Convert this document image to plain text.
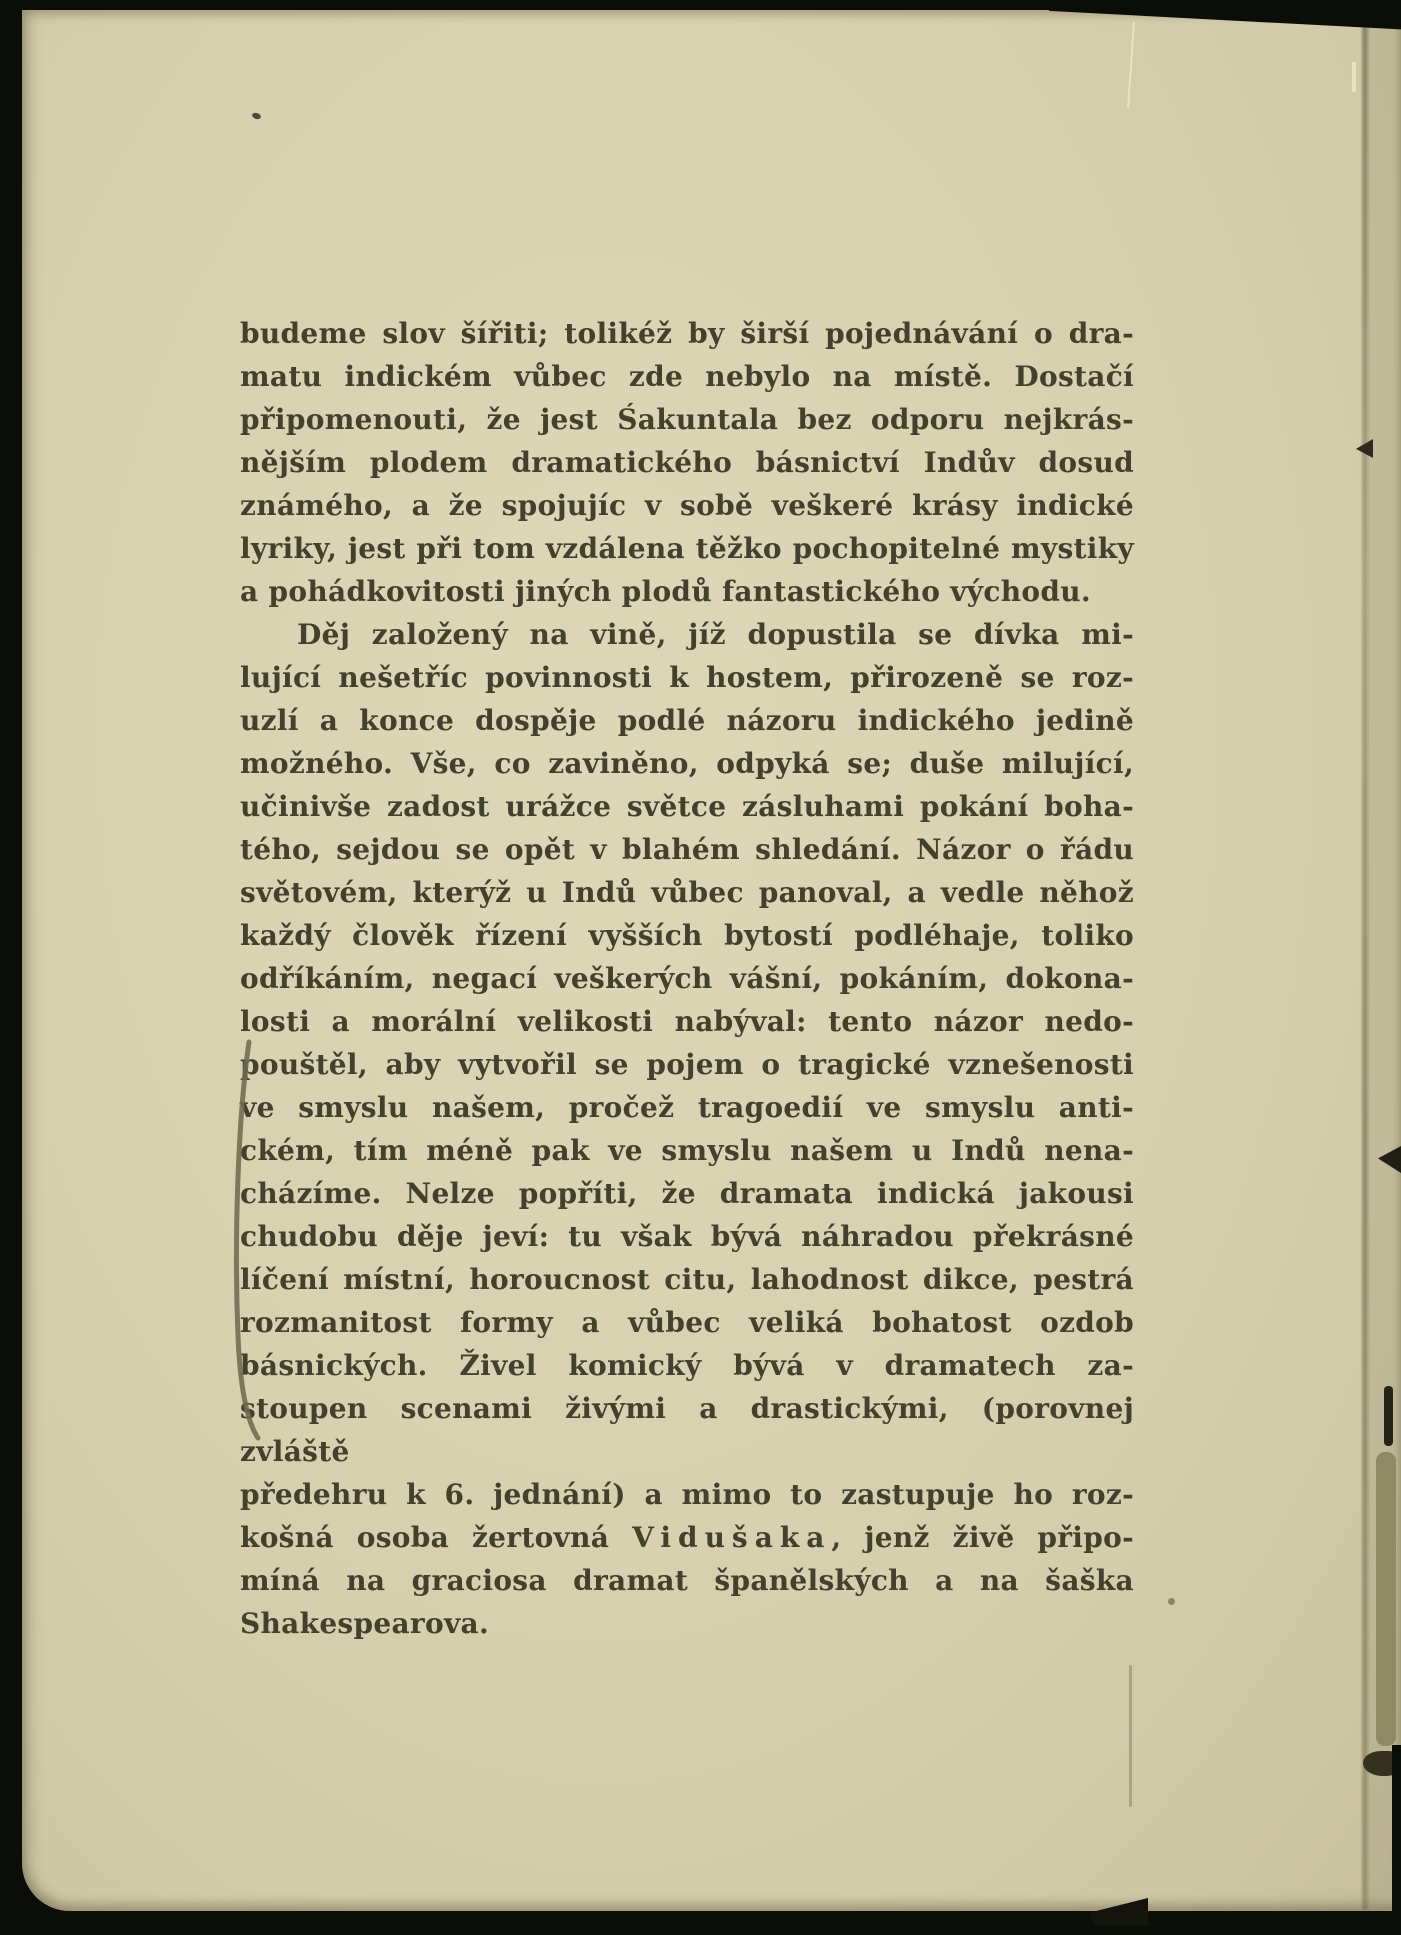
budeme slov šířiti; tolikéž by širší pojednávání o dra-
matu indickém vůbec zde nebylo na místě. Dostačí
připomenouti, že jest Śakuntala bez odporu nejkrás-
nějším plodem dramatického básnictví Indův dosud
známého, a že spojujíc v sobě veškeré krásy indické
lyriky, jest při tom vzdálena těžko pochopitelné mystiky
a pohádkovitosti jiných plodů fantastického východu.
Děj založený na vině, jíž dopustila se dívka mi-
lující nešetříc povinnosti k hostem, přirozeně se roz-
uzlí a konce dospěje podlé názoru indického jedině
možného. Vše, co zaviněno, odpyká se; duše milující,
učinivše zadost urážce světce zásluhami pokání boha-
tého, sejdou se opět v blahém shledání. Názor o řádu
světovém, kterýž u Indů vůbec panoval, a vedle něhož
každý člověk řízení vyšších bytostí podléhaje, toliko
odříkáním, negací veškerých vášní, pokáním, dokona-
losti a morální velikosti nabýval: tento názor nedo-
pouštěl, aby vytvořil se pojem o tragické vznešenosti
ve smyslu našem, pročež tragoedií ve smyslu anti-
ckém, tím méně pak ve smyslu našem u Indů nena-
cházíme. Nelze popříti, že dramata indická jakousi
chudobu děje jeví: tu však bývá náhradou překrásné
líčení místní, horoucnost citu, lahodnost dikce, pestrá
rozmanitost formy a vůbec veliká bohatost ozdob
básnických. Živel komický bývá v dramatech za-
stoupen scenami živými a drastickými, (porovnej zvláště
předehru k 6. jednání) a mimo to zastupuje ho roz-
košná osoba žertovná Vidušaka, jenž živě připo-
míná na graciosa dramat španělských a na šaška
Shakespearova.
